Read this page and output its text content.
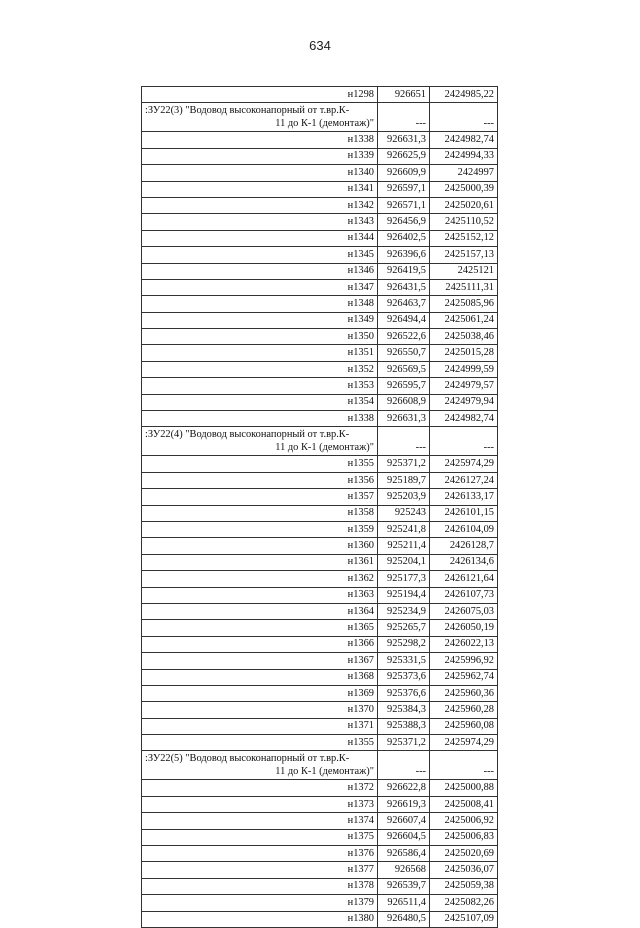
634
н1298	926651	2424985,22

:ЗУ22(3) "Водовод высоконапорный от т.вр.К-
11 до К-1 (демонтаж)"	---	---
н1338	926631,3	2424982,74
н1339	926625,9	2424994,33
н1340	926609,9	2424997
н1341	926597,1	2425000,39
н1342	926571,1	2425020,61
н1343	926456,9	2425110,52
н1344	926402,5	2425152,12
н1345	926396,6	2425157,13
н1346	926419,5	2425121
н1347	926431,5	2425111,31
н1348	926463,7	2425085,96
н1349	926494,4	2425061,24
н1350	926522,6	2425038,46
н1351	926550,7	2425015,28
н1352	926569,5	2424999,59
н1353	926595,7	2424979,57
н1354	926608,9	2424979,94
н1338	926631,3	2424982,74

:ЗУ22(4) "Водовод высоконапорный от т.вр.К-
11 до К-1 (демонтаж)"	---	---
н1355	925371,2	2425974,29
н1356	925189,7	2426127,24
н1357	925203,9	2426133,17
н1358	925243	2426101,15
н1359	925241,8	2426104,09
н1360	925211,4	2426128,7
н1361	925204,1	2426134,6
н1362	925177,3	2426121,64
н1363	925194,4	2426107,73
н1364	925234,9	2426075,03
н1365	925265,7	2426050,19
н1366	925298,2	2426022,13
н1367	925331,5	2425996,92
н1368	925373,6	2425962,74
н1369	925376,6	2425960,36
н1370	925384,3	2425960,28
н1371	925388,3	2425960,08
н1355	925371,2	2425974,29

:ЗУ22(5) "Водовод высоконапорный от т.вр.К-
11 до К-1 (демонтаж)"	---	---
н1372	926622,8	2425000,88
н1373	926619,3	2425008,41
н1374	926607,4	2425006,92
н1375	926604,5	2425006,83
н1376	926586,4	2425020,69
н1377	926568	2425036,07
н1378	926539,7	2425059,38
н1379	926511,4	2425082,26
н1380	926480,5	2425107,09
